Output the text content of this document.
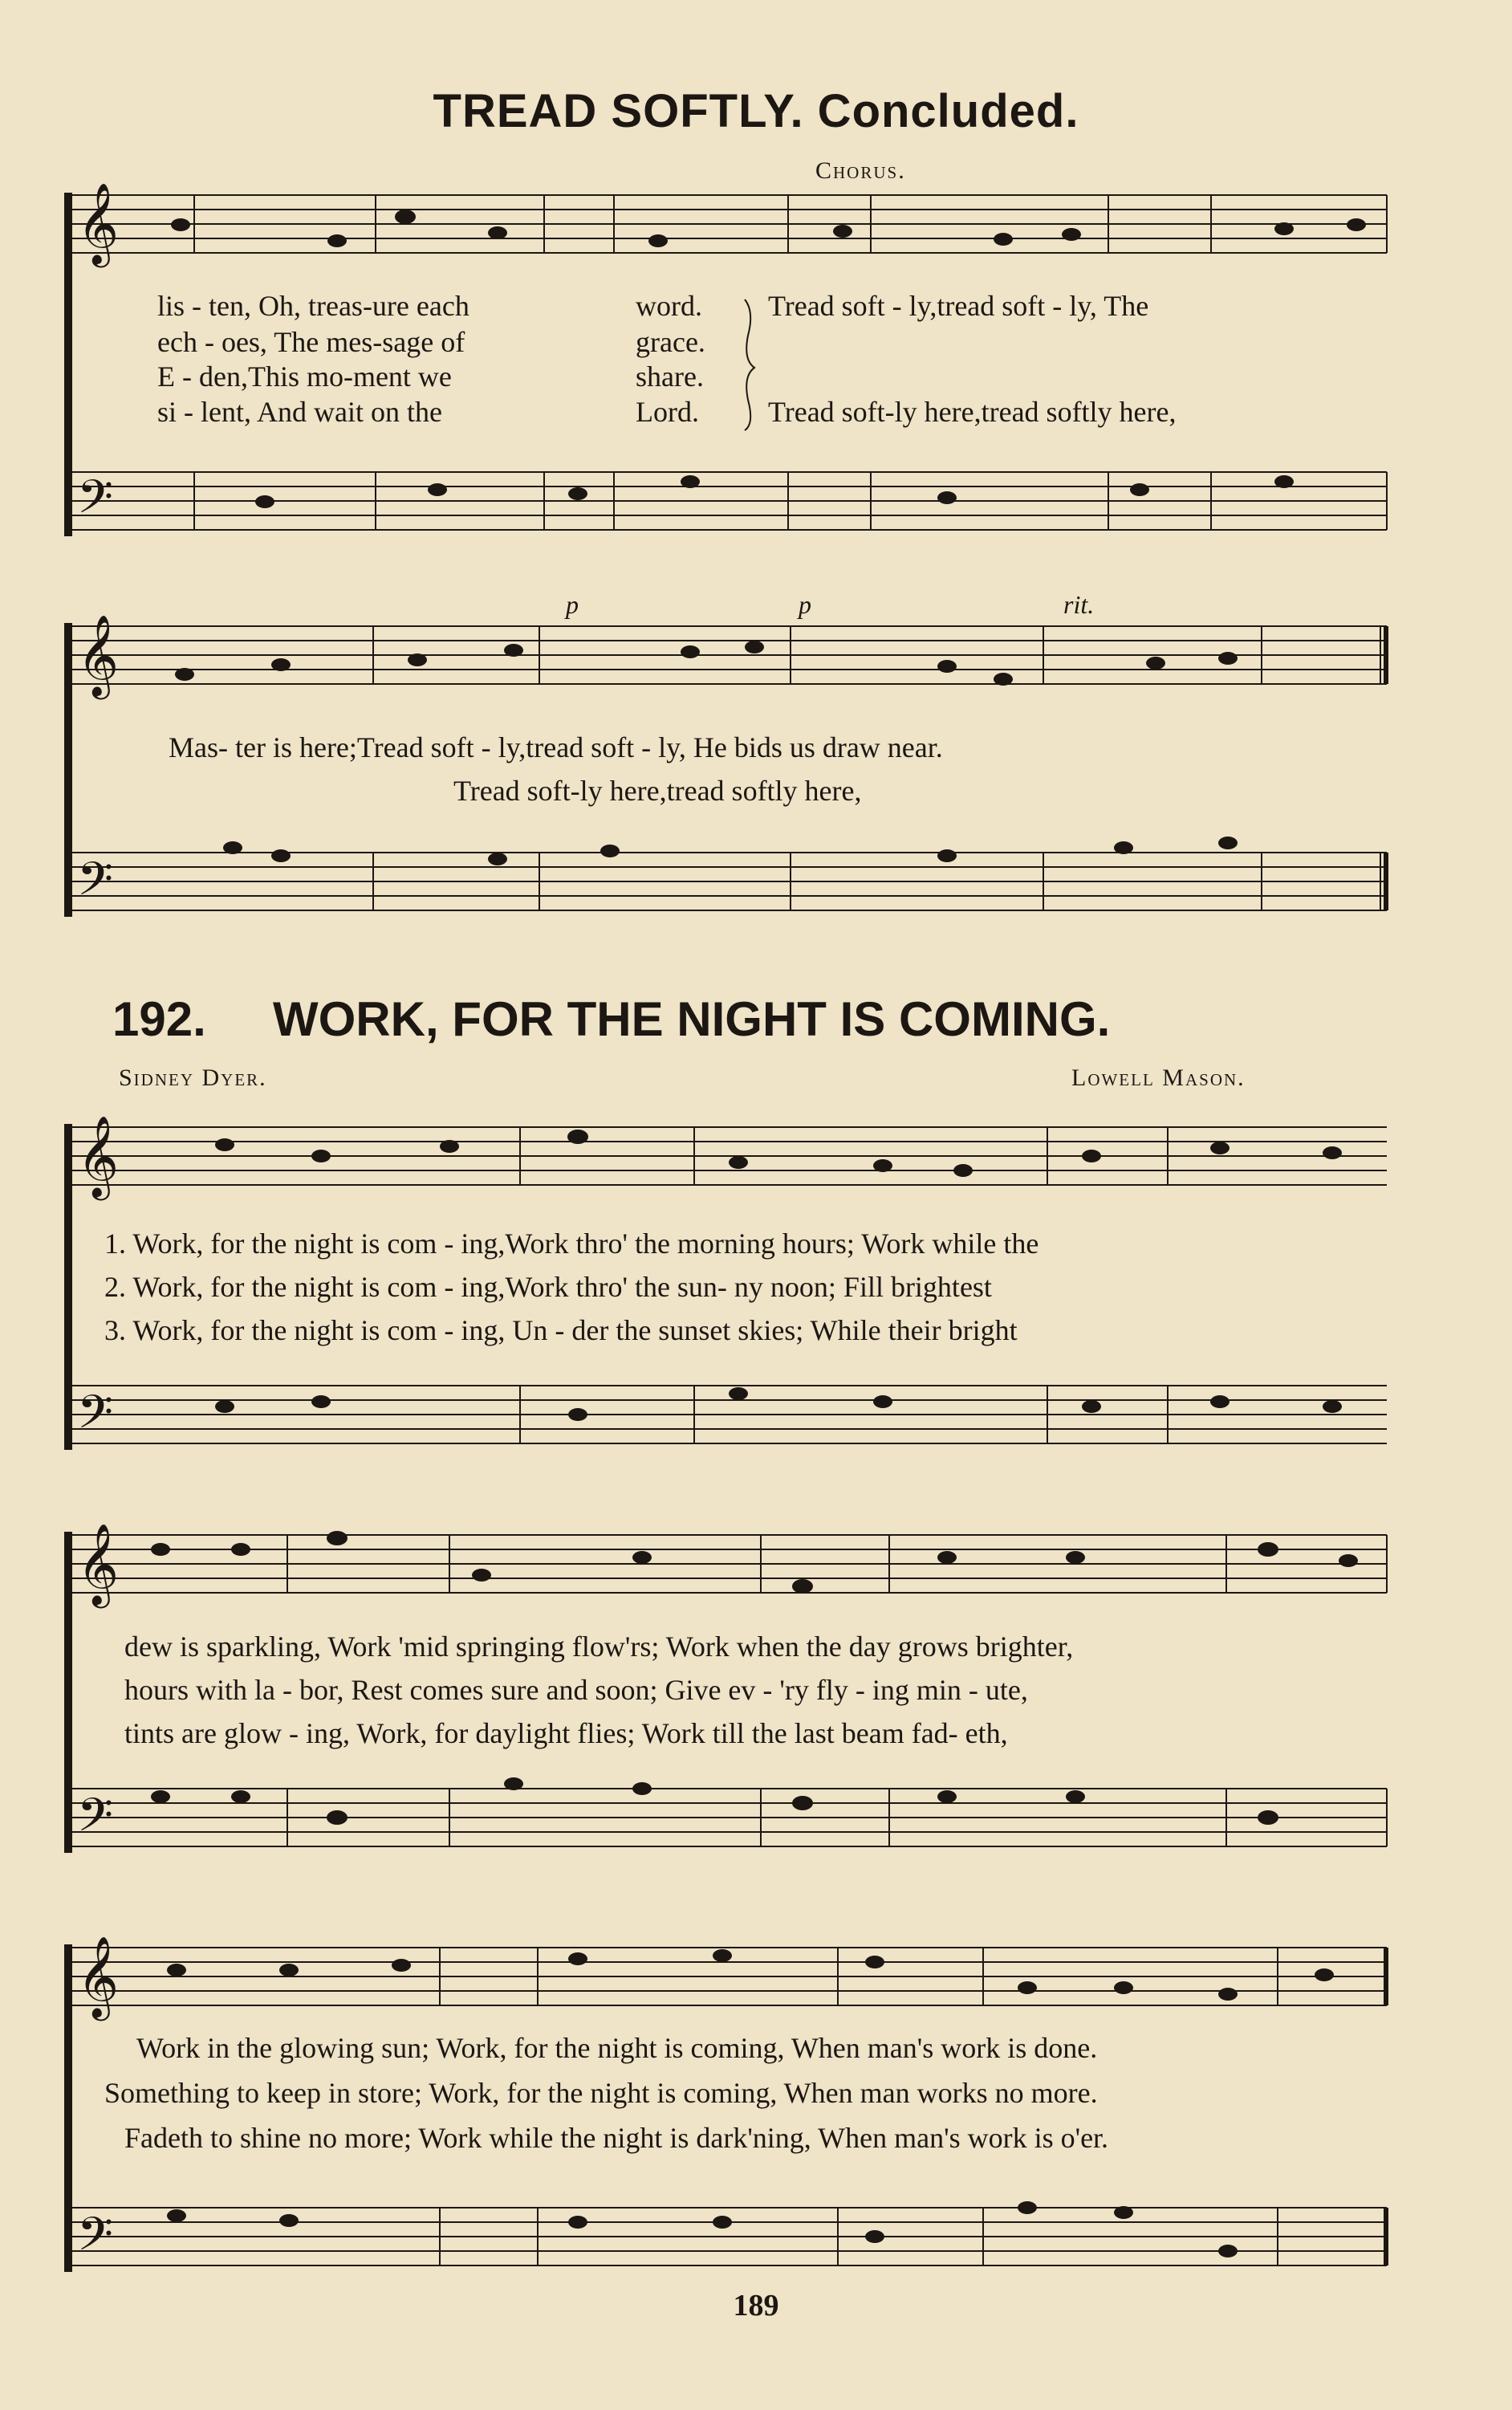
TREAD SOFTLY. Concluded.
Chorus.
𝄞
𝄢
lis - ten, Oh, treas-ure each	word. Tread soft - ly,tread soft - ly, The
ech - oes, The mes-sage of	grace.
E - den,This mo-ment we	share.
si - lent, And wait on the	Lord. Tread soft-ly here,tread softly here,
p	p	rit.
𝄞
𝄢
Mas- ter is here;Tread soft - ly,tread soft - ly, He bids us draw near.
Tread soft-ly here,tread softly here,
192. WORK, FOR THE NIGHT IS COMING.
Sidney Dyer.	Lowell Mason.
𝄞
𝄢
1. Work, for the night is com - ing,Work thro' the morning hours; Work while the
2. Work, for the night is com - ing,Work thro' the sun- ny noon; Fill brightest
3. Work, for the night is com - ing, Un - der the sunset skies; While their bright
𝄞
𝄢
dew is sparkling, Work 'mid springing flow'rs; Work when the day grows brighter,
hours with la - bor, Rest comes sure and soon; Give ev - 'ry fly - ing min - ute,
tints are glow - ing, Work, for daylight flies; Work till the last beam fad- eth,
𝄞
𝄢
Work in the glowing sun; Work, for the night is coming, When man's work is done.
Something to keep in store; Work, for the night is coming, When man works no more.
Fadeth to shine no more; Work while the night is dark'ning, When man's work is o'er.
189
